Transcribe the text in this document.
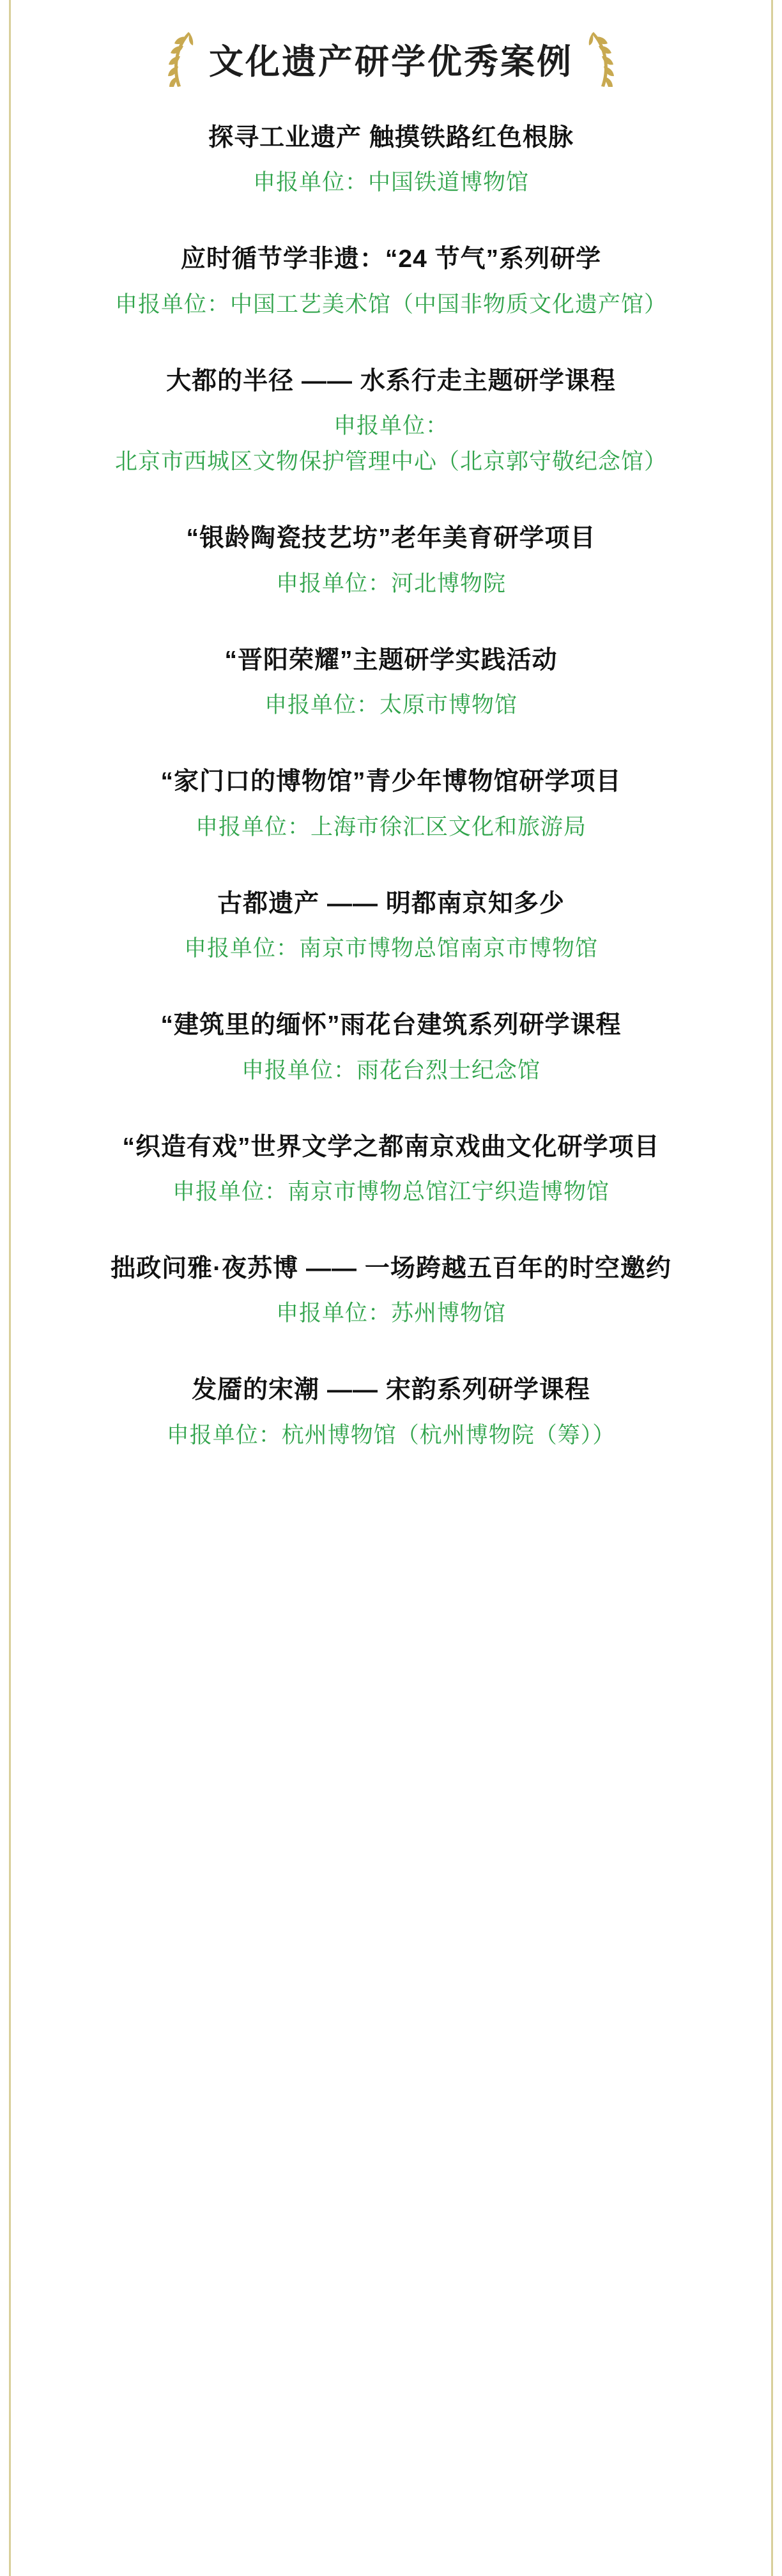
文化遗产研学优秀案例
探寻工业遗产 触摸铁路红色根脉
申报单位：中国铁道博物馆
应时循节学非遗：“24 节气”系列研学
申报单位：中国工艺美术馆（中国非物质文化遗产馆）
大都的半径 —— 水系行走主题研学课程
申报单位：北京市西城区文物保护管理中心（北京郭守敬纪念馆）
“银龄陶瓷技艺坊”老年美育研学项目
申报单位：河北博物院
“晋阳荣耀”主题研学实践活动
申报单位：太原市博物馆
“家门口的博物馆”青少年博物馆研学项目
申报单位：上海市徐汇区文化和旅游局
古都遗产 —— 明都南京知多少
申报单位：南京市博物总馆南京市博物馆
“建筑里的缅怀”雨花台建筑系列研学课程
申报单位：雨花台烈士纪念馆
“织造有戏”世界文学之都南京戏曲文化研学项目
申报单位：南京市博物总馆江宁织造博物馆
拙政问雅·夜苏博 —— 一场跨越五百年的时空邀约
申报单位：苏州博物馆
发靥的宋潮 —— 宋韵系列研学课程
申报单位：杭州博物馆（杭州博物院（筹））
